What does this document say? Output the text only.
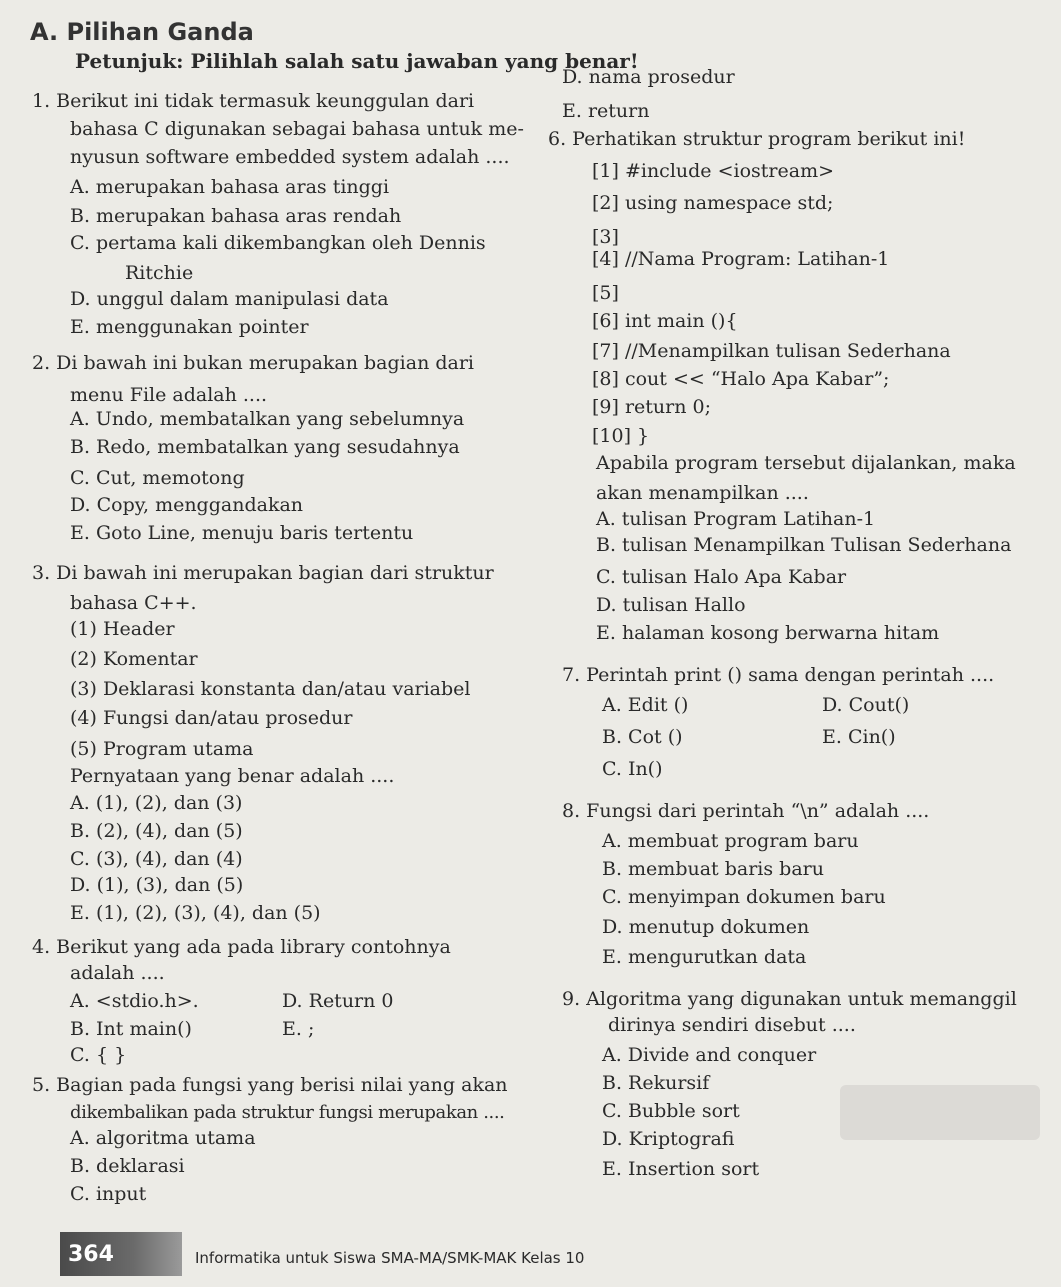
A. Pilihan Ganda
Petunjuk: Pilihlah salah satu jawaban yang benar!
1. Berikut ini tidak termasuk keunggulan dari
bahasa C digunakan sebagai bahasa untuk me-
nyusun software embedded system adalah ....
A. merupakan bahasa aras tinggi
B. merupakan bahasa aras rendah
C. pertama kali dikembangkan oleh Dennis
Ritchie
D. unggul dalam manipulasi data
E. menggunakan pointer
2. Di bawah ini bukan merupakan bagian dari
menu File adalah ....
A. Undo, membatalkan yang sebelumnya
B. Redo, membatalkan yang sesudahnya
C. Cut, memotong
D. Copy, menggandakan
E. Goto Line, menuju baris tertentu
3. Di bawah ini merupakan bagian dari struktur
bahasa C++.
(1) Header
(2) Komentar
(3) Deklarasi konstanta dan/atau variabel
(4) Fungsi dan/atau prosedur
(5) Program utama
Pernyataan yang benar adalah ....
A. (1), (2), dan (3)
B. (2), (4), dan (5)
C. (3), (4), dan (4)
D. (1), (3), dan (5)
E. (1), (2), (3), (4), dan (5)
4. Berikut yang ada pada library contohnya
adalah ....
A. <stdio.h>.
B. Int main()
C. { }
D. Return 0
E. ;
5. Bagian pada fungsi yang berisi nilai yang akan
dikembalikan pada struktur fungsi merupakan ....
A. algoritma utama
B. deklarasi
C. input
D. nama prosedur
E. return
6. Perhatikan struktur program berikut ini!
[1] #include <iostream>
[2] using namespace std;
[3]
[4] //Nama Program: Latihan-1
[5]
[6] int main (){
[7] //Menampilkan tulisan Sederhana
[8] cout << “Halo Apa Kabar”;
[9] return 0;
[10] }
Apabila program tersebut dijalankan, maka
akan menampilkan ....
A. tulisan Program Latihan-1
B. tulisan Menampilkan Tulisan Sederhana
C. tulisan Halo Apa Kabar
D. tulisan Hallo
E. halaman kosong berwarna hitam
7. Perintah print () sama dengan perintah ....
A. Edit ()
B. Cot ()
C. In()
D. Cout()
E. Cin()
8. Fungsi dari perintah “\n” adalah ....
A. membuat program baru
B. membuat baris baru
C. menyimpan dokumen baru
D. menutup dokumen
E. mengurutkan data
9. Algoritma yang digunakan untuk memanggil
dirinya sendiri disebut ....
A. Divide and conquer
B. Rekursif
C. Bubble sort
D. Kriptografi
E. Insertion sort
364	Informatika untuk Siswa SMA-MA/SMK-MAK Kelas 10
